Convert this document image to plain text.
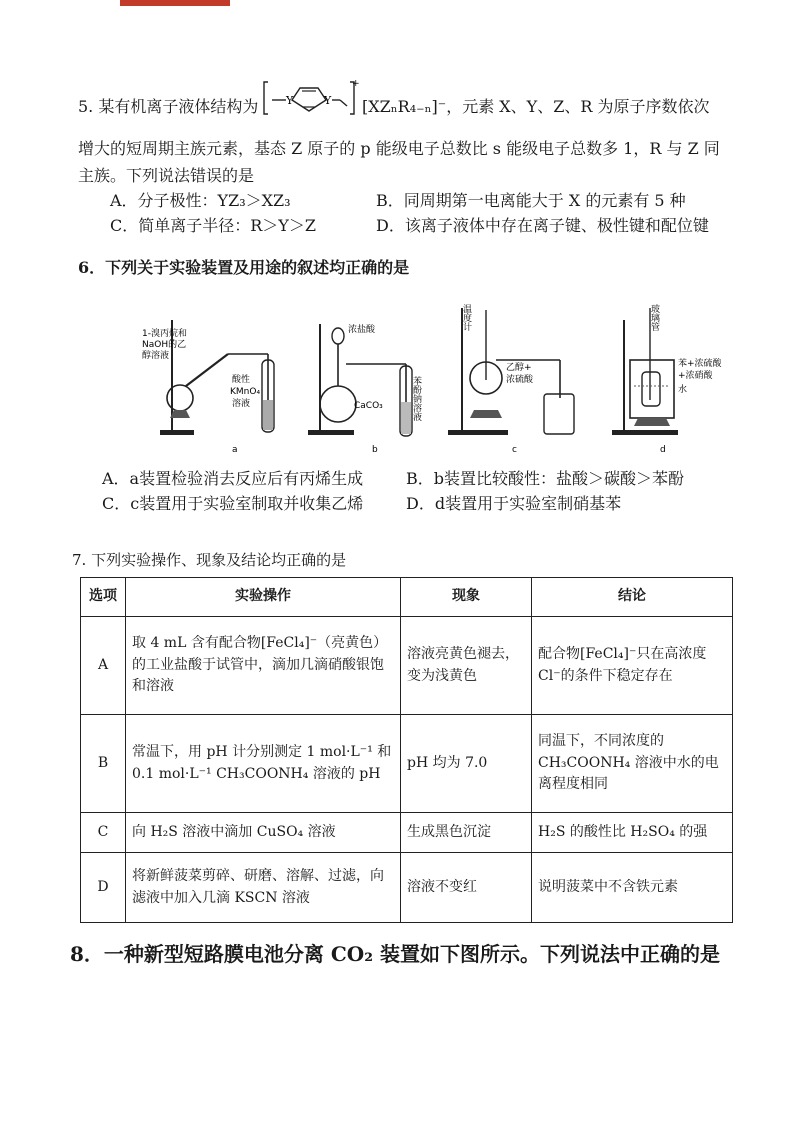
5. 某有机离子液体结构为	Y	Y
+
[XZₙR₄₋ₙ]⁻，元素 X、Y、Z、R 为原子序数依次
增大的短周期主族元素，基态 Z 原子的 p 能级电子总数比 s 能级电子总数多 1，R 与 Z 同
主族。下列说法错误的是
A．分子极性：YZ₃＞XZ₃	B．同周期第一电离能大于 X 的元素有 5 种
C．简单离子半径：R＞Y＞Z	D．该离子液体中存在离子键、极性键和配位键
6．下列关于实验装置及用途的叙述均正确的是
1-溴丙烷和
NaOH的乙
醇溶液
酸性
KMnO₄
溶液
a
浓盐酸
CaCO₃	苯酚钠溶液
b
温度计
乙醇+
浓硫酸
c
玻璃管
苯+浓硫酸
+浓硝酸
水
d
A．a装置检验消去反应后有丙烯生成	B．b装置比较酸性：盐酸＞碳酸＞苯酚
C．c装置用于实验室制取并收集乙烯	D．d装置用于实验室制硝基苯
7. 下列实验操作、现象及结论均正确的是
选项	实验操作	现象	结论
A	取 4 mL 含有配合物[FeCl₄]⁻（亮黄色）的工业盐酸于试管中，滴加几滴硝酸银饱和溶液	溶液亮黄色褪去，变为浅黄色	配合物[FeCl₄]⁻只在高浓度 Cl⁻的条件下稳定存在
B	常温下，用 pH 计分别测定 1 mol·L⁻¹ 和 0.1 mol·L⁻¹ CH₃COONH₄ 溶液的 pH	pH 均为 7.0	同温下，不同浓度的 CH₃COONH₄ 溶液中水的电离程度相同
C	向 H₂S 溶液中滴加 CuSO₄ 溶液	生成黑色沉淀	H₂S 的酸性比 H₂SO₄ 的强
D	将新鲜菠菜剪碎、研磨、溶解、过滤，向滤液中加入几滴 KSCN 溶液	溶液不变红	说明菠菜中不含铁元素
8．一种新型短路膜电池分离 CO₂ 装置如下图所示。下列说法中正确的是
